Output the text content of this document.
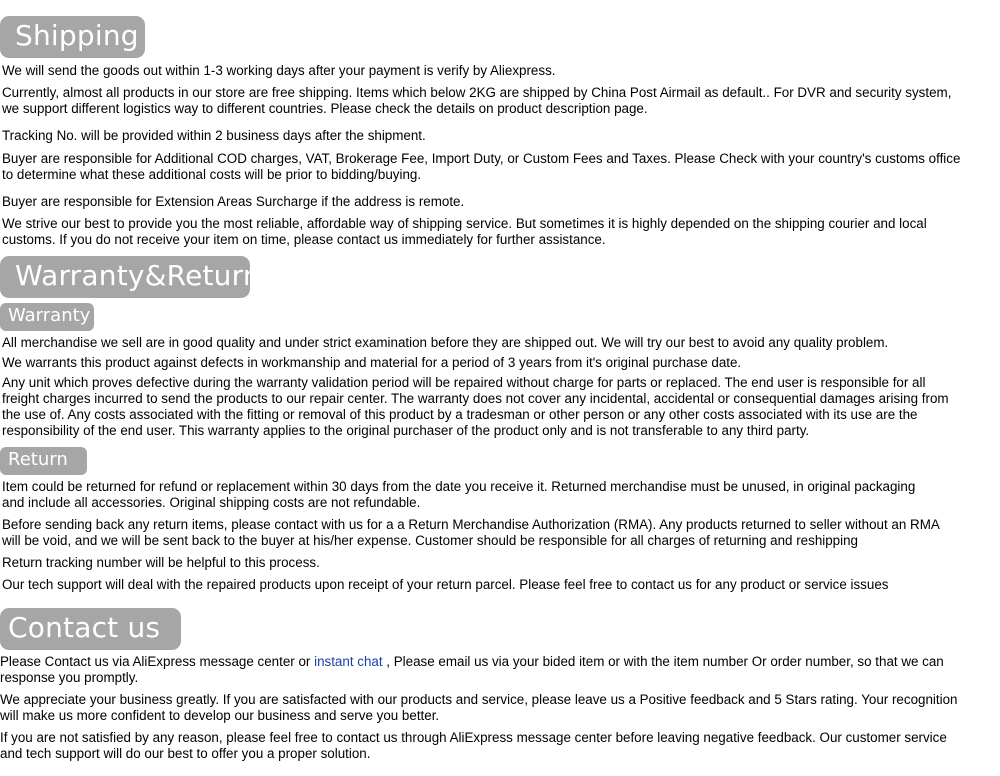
Shipping

We will send the goods out within 1-3 working days after your payment is verify by Aliexpress.

Currently, almost all products in our store are free shipping. Items which below 2KG are shipped by China Post Airmail as default.. For DVR and security system,
we support different logistics way to different countries. Please check the details on product description page.

Tracking No. will be provided within 2 business days after the shipment.

Buyer are responsible for Additional COD charges, VAT, Brokerage Fee, Import Duty, or Custom Fees and Taxes. Please Check with your country's customs office
to determine what these additional costs will be prior to bidding/buying.

Buyer are responsible for Extension Areas Surcharge if the address is remote.

We strive our best to provide you the most reliable, affordable way of shipping service. But sometimes it is highly depended on the shipping courier and local
customs. If you do not receive your item on time, please contact us immediately for further assistance.

Warranty&Return
Warranty

All merchandise we sell are in good quality and under strict examination before they are shipped out. We will try our best to avoid any quality problem.

We warrants this product against defects in workmanship and material for a period of 3 years from it's original purchase date.

Any unit which proves defective during the warranty validation period will be repaired without charge for parts or replaced. The end user is responsible for all
freight charges incurred to send the products to our repair center. The warranty does not cover any incidental, accidental or consequential damages arising from
the use of. Any costs associated with the fitting or removal of this product by a tradesman or other person or any other costs associated with its use are the
responsibility of the end user. This warranty applies to the original purchaser of the product only and is not transferable to any third party.

Return

Item could be returned for refund or replacement within 30 days from the date you receive it. Returned merchandise must be unused, in original packaging
and include all accessories. Original shipping costs are not refundable.

Before sending back any return items, please contact with us for a a Return Merchandise Authorization (RMA). Any products returned to seller without an RMA
will be void, and we will be sent back to the buyer at his/her expense. Customer should be responsible for all charges of returning and reshipping

Return tracking number will be helpful to this process.

Our tech support will deal with the repaired products upon receipt of your return parcel. Please feel free to contact us for any product or service issues

Contact us

Please Contact us via AliExpress message center or instant chat , Please email us via your bided item or with the item number Or order number, so that we can
response you promptly.

We appreciate your business greatly. If you are satisfacted with our products and service, please leave us a Positive feedback and 5 Stars rating. Your recognition
will make us more confident to develop our business and serve you better.

If you are not satisfied by any reason, please feel free to contact us through AliExpress message center before leaving negative feedback. Our customer service
and tech support will do our best to offer you a proper solution.
